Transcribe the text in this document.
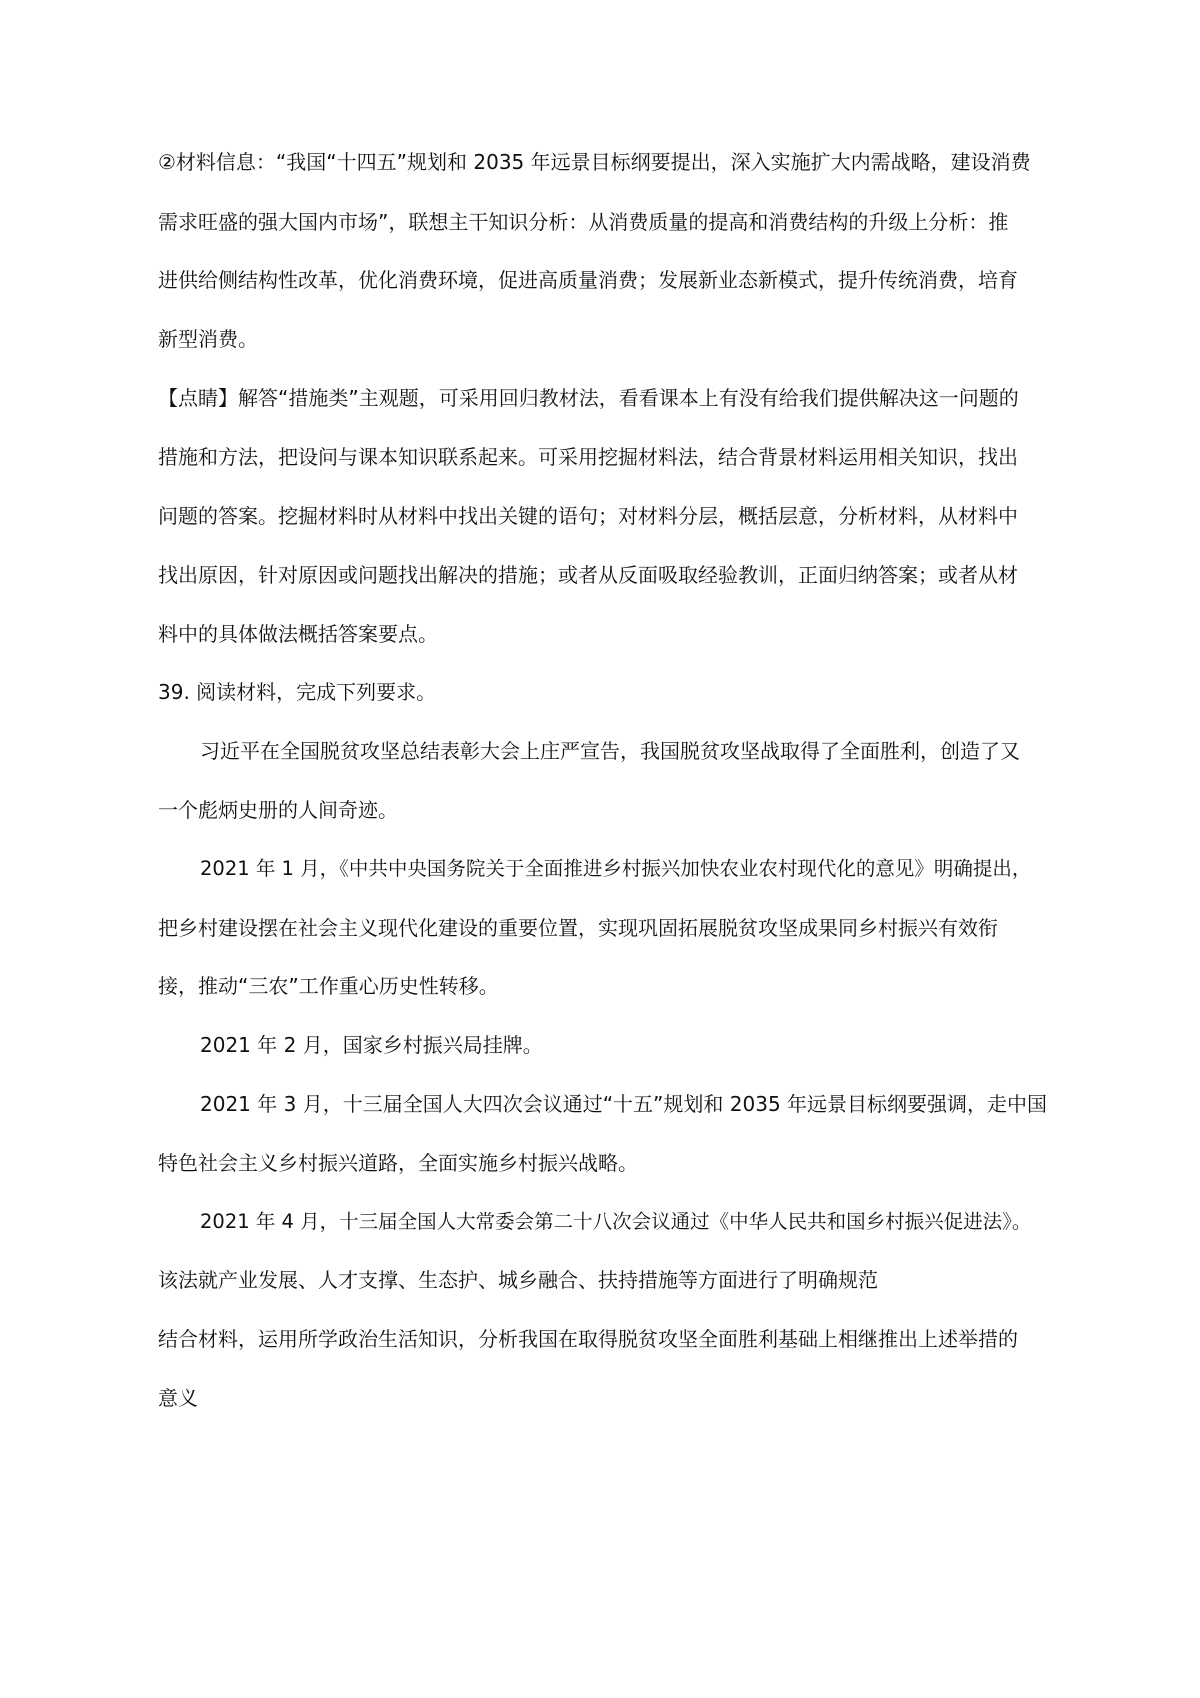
②材料信息：“我国“十四五”规划和 2035 年远景目标纲要提出，深入实施扩大内需战略，建设消费

需求旺盛的强大国内市场”，联想主干知识分析：从消费质量的提高和消费结构的升级上分析：推

进供给侧结构性改革，优化消费环境，促进高质量消费；发展新业态新模式，提升传统消费，培育

新型消费。

【点睛】解答“措施类”主观题，可采用回归教材法，看看课本上有没有给我们提供解决这一问题的

措施和方法，把设问与课本知识联系起来。可采用挖掘材料法，结合背景材料运用相关知识，找出

问题的答案。挖掘材料时从材料中找出关键的语句；对材料分层，概括层意，分析材料，从材料中

找出原因，针对原因或问题找出解决的措施；或者从反面吸取经验教训，正面归纳答案；或者从材

料中的具体做法概括答案要点。

39. 阅读材料，完成下列要求。

习近平在全国脱贫攻坚总结表彰大会上庄严宣告，我国脱贫攻坚战取得了全面胜利，创造了又

一个彪炳史册的人间奇迹。

2021 年 1 月，《中共中央国务院关于全面推进乡村振兴加快农业农村现代化的意见》明确提出，

把乡村建设摆在社会主义现代化建设的重要位置，实现巩固拓展脱贫攻坚成果同乡村振兴有效衔

接，推动“三农”工作重心历史性转移。

2021 年 2 月，国家乡村振兴局挂牌。

2021 年 3 月，十三届全国人大四次会议通过“十五”规划和 2035 年远景目标纲要强调，走中国

特色社会主义乡村振兴道路，全面实施乡村振兴战略。

2021 年 4 月，十三届全国人大常委会第二十八次会议通过《中华人民共和国乡村振兴促进法》。

该法就产业发展、人才支撑、生态护、城乡融合、扶持措施等方面进行了明确规范

结合材料，运用所学政治生活知识，分析我国在取得脱贫攻坚全面胜利基础上相继推出上述举措的

意义
